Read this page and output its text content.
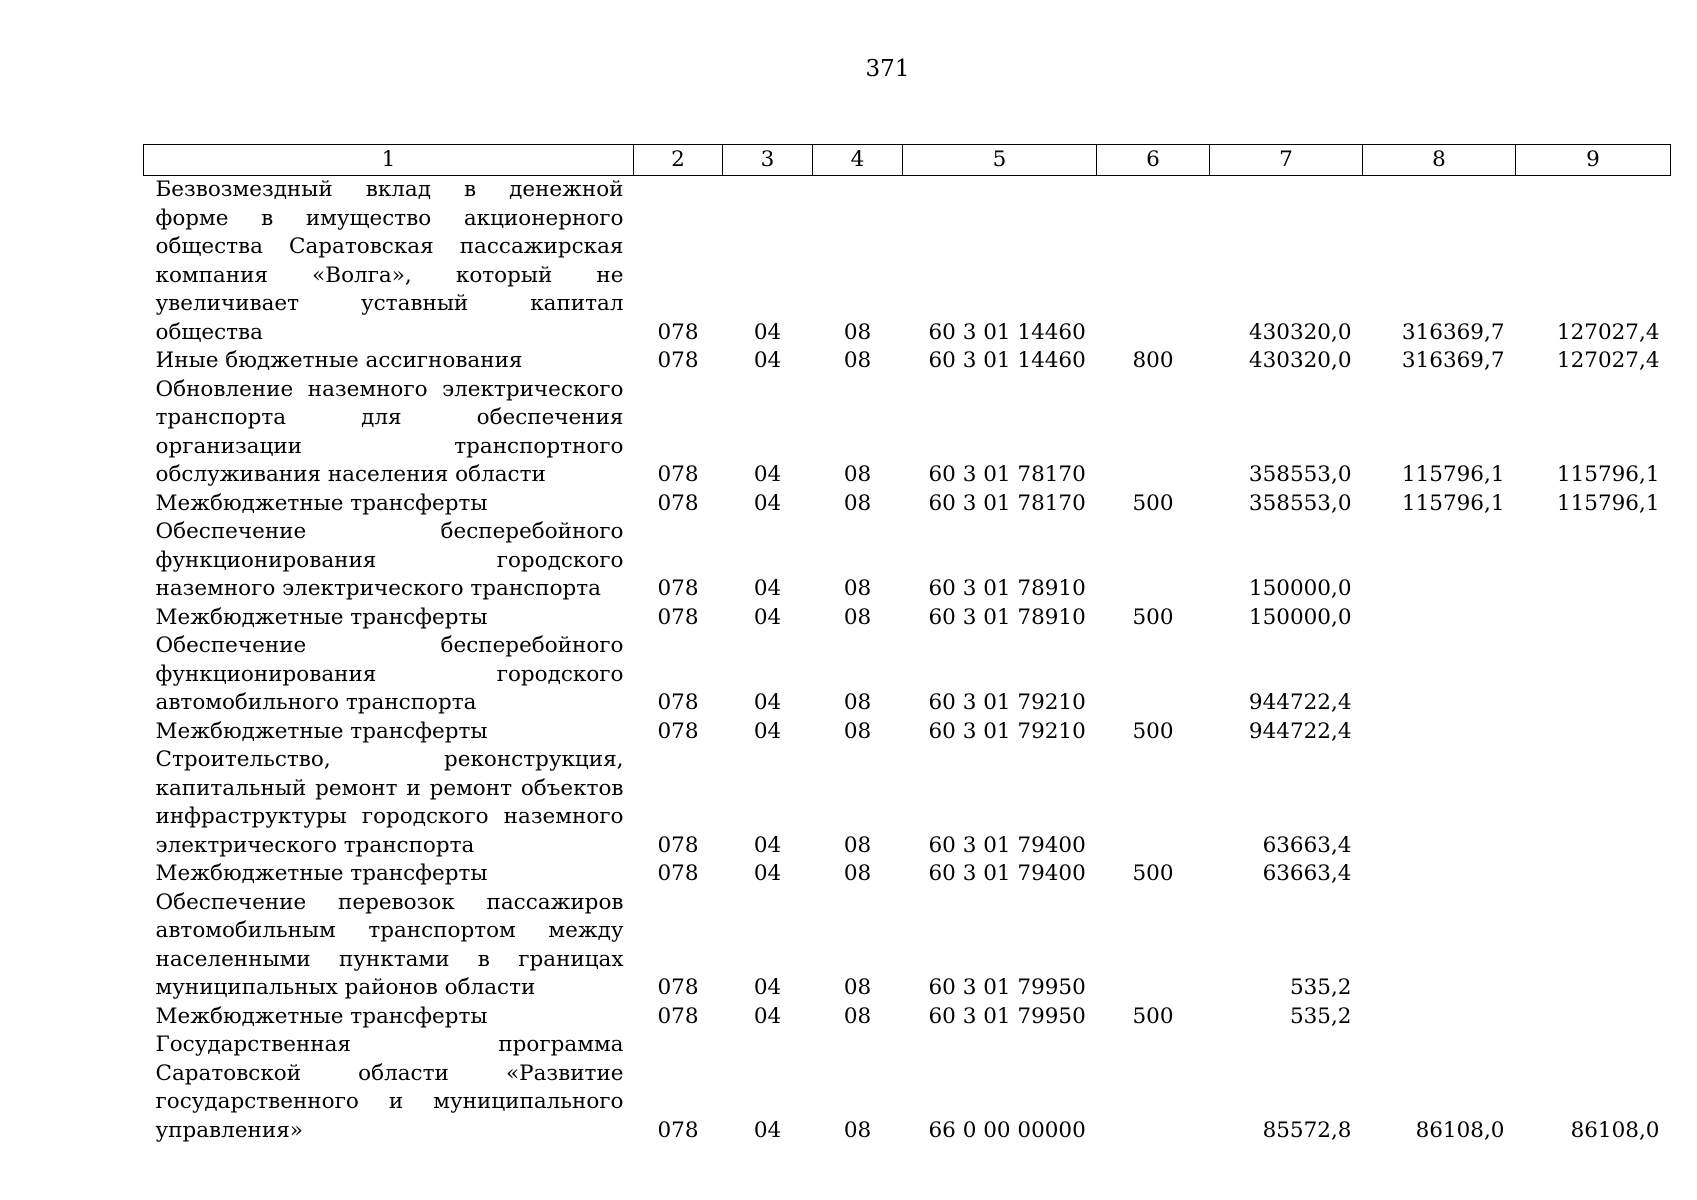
371
1	2	3	4	5	6	7	8	9
Безвозмездный вклад в денежной форме в имуществo акционерного общества Саратовская пассажирская компания «Волга», который не увеличивает уставный капитал общества	078	04	08	60 3 01 14460		430320,0	316369,7	127027,4
Иные бюджетные ассигнования	078	04	08	60 3 01 14460	800	430320,0	316369,7	127027,4
Обновление наземного электрического транспорта для обеспечения организации транспортного обслуживания населения области	078	04	08	60 3 01 78170		358553,0	115796,1	115796,1
Межбюджетные трансферты	078	04	08	60 3 01 78170	500	358553,0	115796,1	115796,1
Обеспечение бесперебойного функционирования городского наземного электрического транспорта	078	04	08	60 3 01 78910		150000,0		
Межбюджетные трансферты	078	04	08	60 3 01 78910	500	150000,0		
Обеспечение бесперебойного функционирования городского автомобильного транспорта	078	04	08	60 3 01 79210		944722,4		
Межбюджетные трансферты	078	04	08	60 3 01 79210	500	944722,4		
Строительство, реконструкция, капитальный ремонт и ремонт объектов инфраструктуры городского наземного электрического транспорта	078	04	08	60 3 01 79400		63663,4		
Межбюджетные трансферты	078	04	08	60 3 01 79400	500	63663,4		
Обеспечение перевозок пассажиров автомобильным транспортом между населенными пунктами в границах муниципальных районов области	078	04	08	60 3 01 79950		535,2		
Межбюджетные трансферты	078	04	08	60 3 01 79950	500	535,2		
Государственная программа Саратовской области «Развитие государственного и муниципального управления»	078	04	08	66 0 00 00000		85572,8	86108,0	86108,0
